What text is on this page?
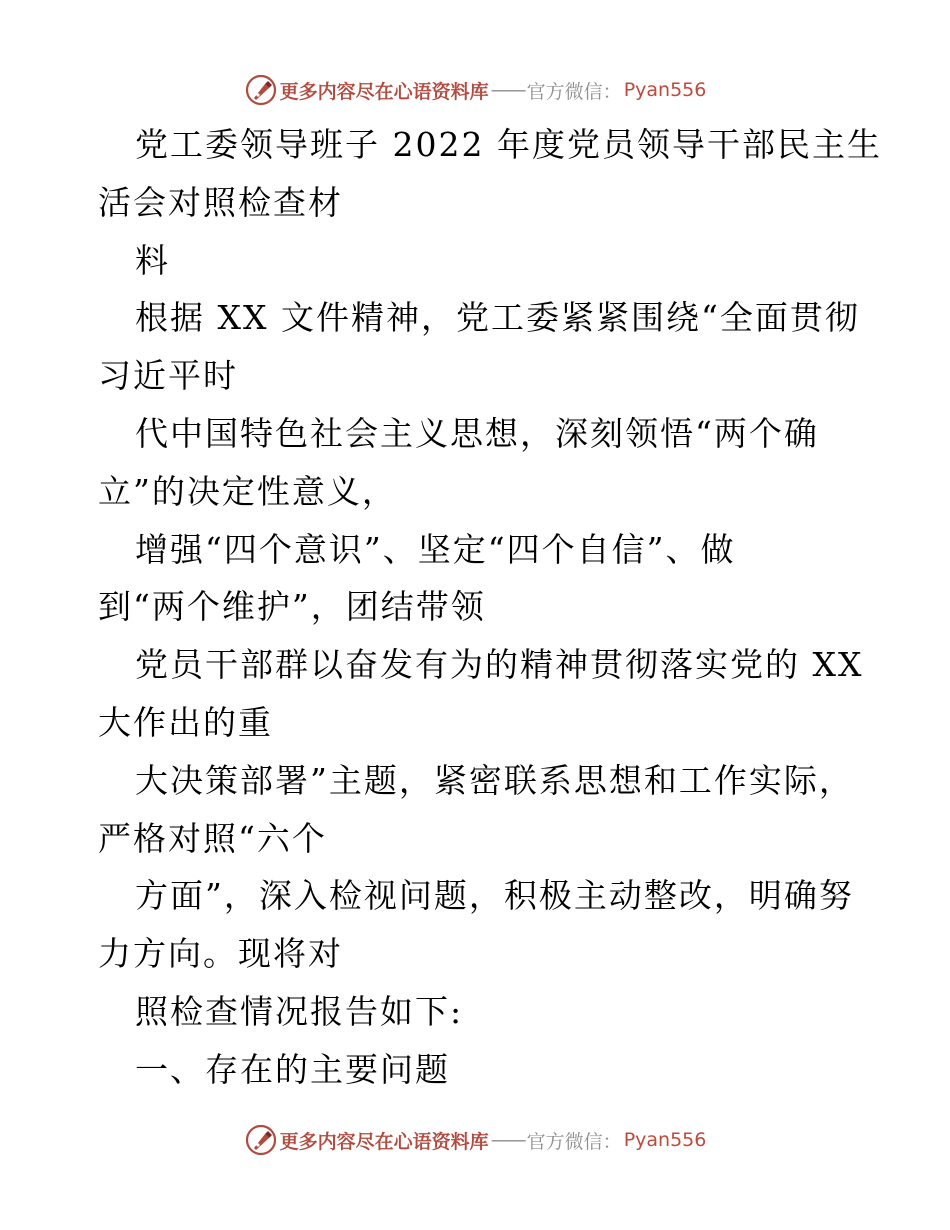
更多内容尽在心语资料库 —— 官方微信： Pyan556
党工委领导班子 2022 年度党员领导干部民主生
活会对照检查材
料
根据 XX 文件精神，党工委紧紧围绕“全面贯彻
习近平时
代中国特色社会主义思想，深刻领悟“两个确
立”的决定性意义，
增强“四个意识”、坚定“四个自信”、做
到“两个维护”，团结带领
党员干部群以奋发有为的精神贯彻落实党的 XX
大作出的重
大决策部署”主题，紧密联系思想和工作实际，
严格对照“六个
方面”，深入检视问题，积极主动整改，明确努
力方向。现将对
照检查情况报告如下:
一、存在的主要问题
更多内容尽在心语资料库 —— 官方微信： Pyan556
